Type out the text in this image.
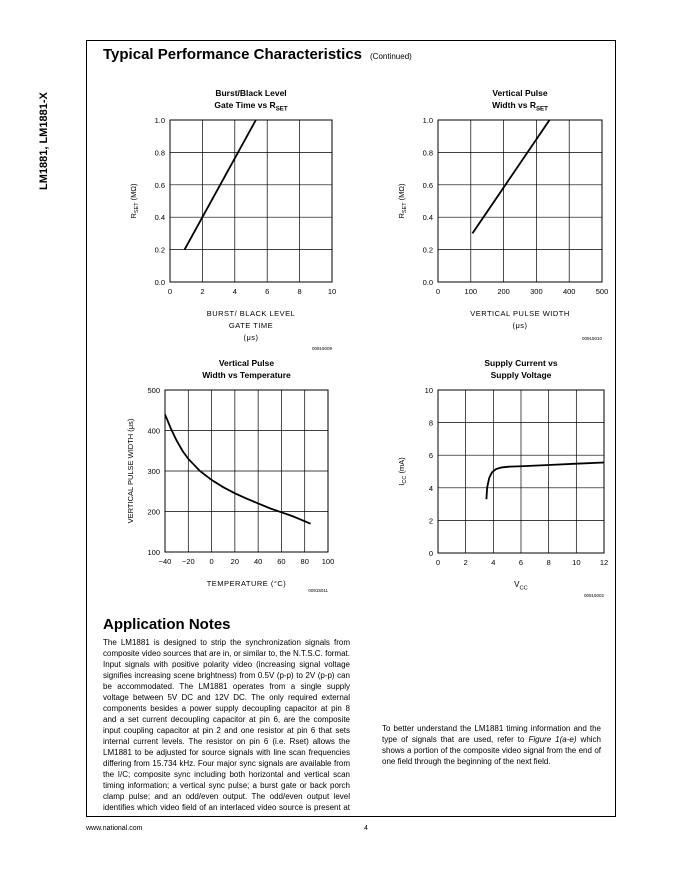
LM1881, LM1881-X
Typical Performance Characteristics (Continued)
Burst/Black Level
Gate Time vs $R_{SET}$
0	2	4	6	8	10
0.0
0.2
0.4
0.6
0.8
1.0
BURST/ BLACK LEVEL
GATE TIME
(μs)
$R_{SET}$ (MΩ)
00915009
Vertical Pulse
Width vs $R_{SET}$
0	100	200	300	400	500
0.0
0.2
0.4
0.6
0.8
1.0
VERTICAL PULSE WIDTH
(μs)
$R_{SET}$ (MΩ)
00915010
Vertical Pulse
Width vs Temperature
−40 −20 0 20 40 60 80 100
100
200
300
400
500
TEMPERATURE (°C)
VERTICAL PULSE WIDTH (μs)
00915011
Supply Current vs
Supply Voltage
0	2	4	6	8	10	12
0
2
4
6
8
10
$V_{CC}$
$I_{CC}$ (mA)
00915002
Application Notes
The LM1881 is designed to strip the synchronization signals from composite video sources that are in, or similar to, the N.T.S.C. format. Input signals with positive polarity video (increasing signal voltage signifies increasing scene brightness) from 0.5V (p-p) to 2V (p-p) can be accommodated. The LM1881 operates from a single supply voltage between 5V DC and 12V DC. The only required external components besides a power supply decoupling capacitor at pin 8 and a set current decoupling capacitor at pin 6, are the composite input coupling capacitor at pin 2 and one resistor at pin 6 that sets internal current levels. The resistor on pin 6 (i.e. Rset) allows the LM1881 to be adjusted for source signals with line scan frequencies differing from 15.734 kHz. Four major sync signals are available from the I/C; composite sync including both horizontal and vertical scan timing information; a vertical sync pulse; a burst gate or back porch clamp pulse; and an odd/even output. The odd/even output level identifies which video field of an interlaced video source is present at

To better understand the LM1881 timing information and the type of signals that are used, refer to Figure 1(a-e) which shows a portion of the composite video signal from the end of one field through the beginning of the next field.

www.national.com	4
